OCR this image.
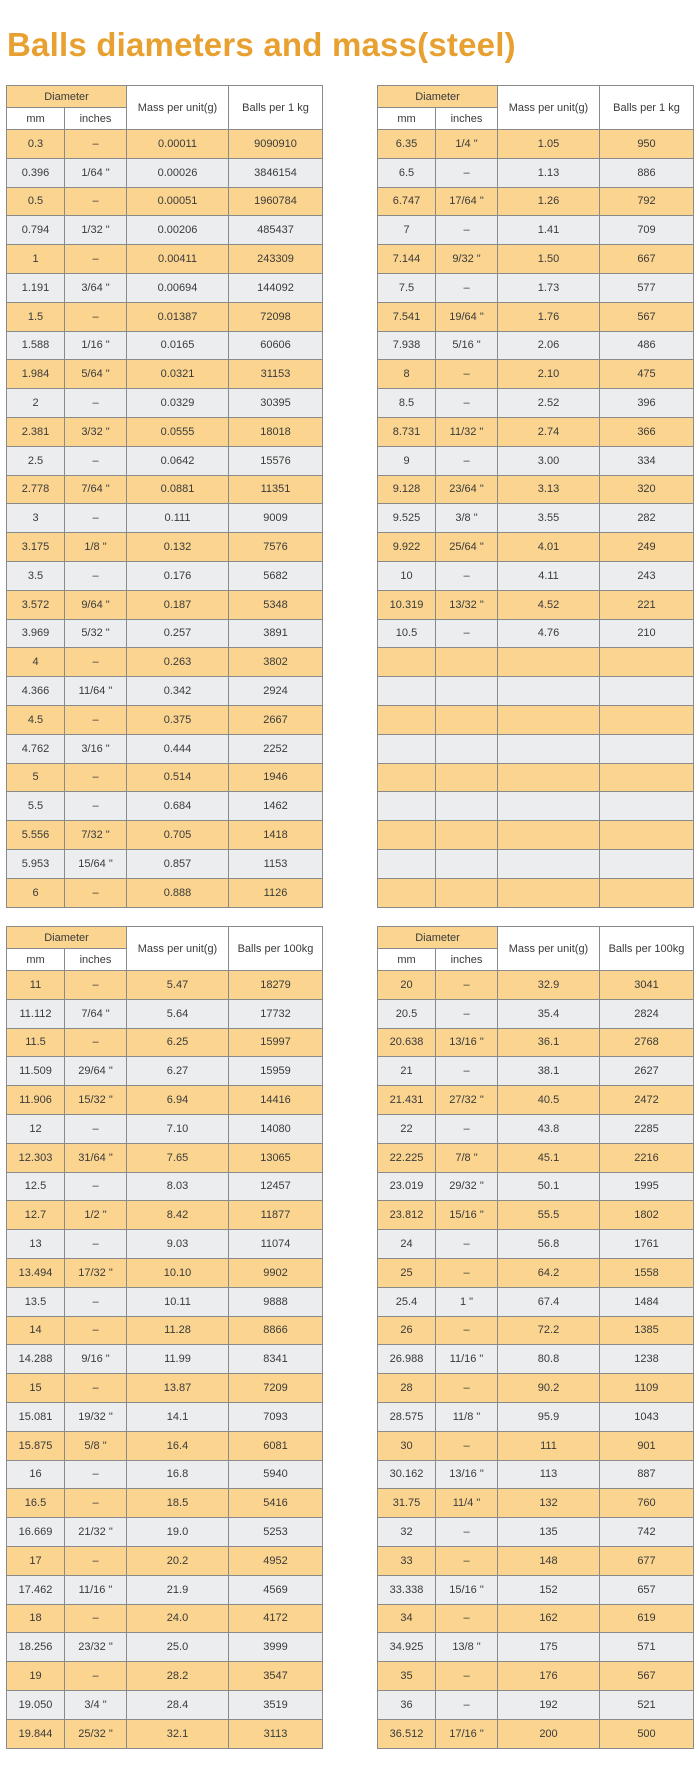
Balls diameters and mass(steel)
Diameter		Mass per unit(g)	Balls per 1 kg
mm	inches		
0.3	–	0.00011	9090910
0.396	1/64 "	0.00026	3846154
0.5	–	0.00051	1960784
0.794	1/32 "	0.00206	485437
1	–	0.00411	243309
1.191	3/64 "	0.00694	144092
1.5	–	0.01387	72098
1.588	1/16 "	0.0165	60606
1.984	5/64 "	0.0321	31153
2	–	0.0329	30395
2.381	3/32 "	0.0555	18018
2.5	–	0.0642	15576
2.778	7/64 "	0.0881	11351
3	–	0.111	9009
3.175	1/8 "	0.132	7576
3.5	–	0.176	5682
3.572	9/64 "	0.187	5348
3.969	5/32 "	0.257	3891
4	–	0.263	3802
4.366	11/64 "	0.342	2924
4.5	–	0.375	2667
4.762	3/16 "	0.444	2252
5	–	0.514	1946
5.5	–	0.684	1462
5.556	7/32 "	0.705	1418
5.953	15/64 "	0.857	1153
6	–	0.888	1126
Diameter		Mass per unit(g)	Balls per 1 kg
mm	inches		
6.35	1/4 "	1.05	950
6.5	–	1.13	886
6.747	17/64 "	1.26	792
7	–	1.41	709
7.144	9/32 "	1.50	667
7.5	–	1.73	577
7.541	19/64 "	1.76	567
7.938	5/16 "	2.06	486
8	–	2.10	475
8.5	–	2.52	396
8.731	11/32 "	2.74	366
9	–	3.00	334
9.128	23/64 "	3.13	320
9.525	3/8 "	3.55	282
9.922	25/64 "	4.01	249
10	–	4.11	243
10.319	13/32 "	4.52	221
10.5	–	4.76	210

Diameter		Mass per unit(g)	Balls per 100kg
mm	inches		
11	–	5.47	18279
11.112	7/64 "	5.64	17732
11.5	–	6.25	15997
11.509	29/64 "	6.27	15959
11.906	15/32 "	6.94	14416
12	–	7.10	14080
12.303	31/64 "	7.65	13065
12.5	–	8.03	12457
12.7	1/2 "	8.42	11877
13	–	9.03	11074
13.494	17/32 "	10.10	9902
13.5	–	10.11	9888
14	–	11.28	8866
14.288	9/16 "	11.99	8341
15	–	13.87	7209
15.081	19/32 "	14.1	7093
15.875	5/8 "	16.4	6081
16	–	16.8	5940
16.5	–	18.5	5416
16.669	21/32 "	19.0	5253
17	–	20.2	4952
17.462	11/16 "	21.9	4569
18	–	24.0	4172
18.256	23/32 "	25.0	3999
19	–	28.2	3547
19.050	3/4 "	28.4	3519
19.844	25/32 "	32.1	3113
Diameter		Mass per unit(g)	Balls per 100kg
mm	inches		
20	–	32.9	3041
20.5	–	35.4	2824
20.638	13/16 "	36.1	2768
21	–	38.1	2627
21.431	27/32 "	40.5	2472
22	–	43.8	2285
22.225	7/8 "	45.1	2216
23.019	29/32 "	50.1	1995
23.812	15/16 "	55.5	1802
24	–	56.8	1761
25	–	64.2	1558
25.4	1 "	67.4	1484
26	–	72.2	1385
26.988	11/16 "	80.8	1238
28	–	90.2	1109
28.575	11/8 "	95.9	1043
30	–	111	901
30.162	13/16 "	113	887
31.75	11/4 "	132	760
32	–	135	742
33	–	148	677
33.338	15/16 "	152	657
34	–	162	619
34.925	13/8 "	175	571
35	–	176	567
36	–	192	521
36.512	17/16 "	200	500
